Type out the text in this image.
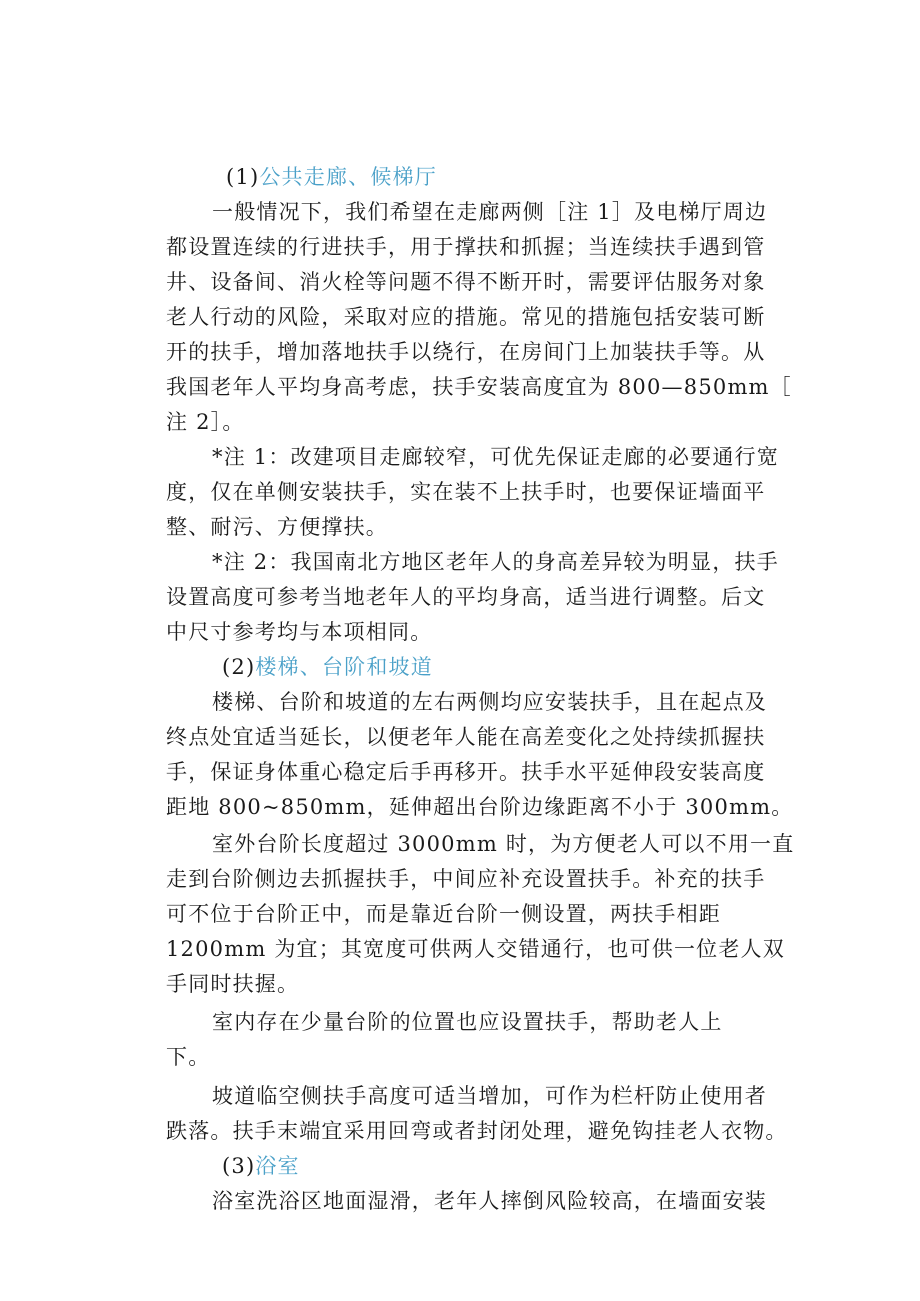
(1)公共走廊、候梯厅
一般情况下，我们希望在走廊两侧［注 1］及电梯厅周边
都设置连续的行进扶手，用于撑扶和抓握；当连续扶手遇到管
井、设备间、消火栓等问题不得不断开时，需要评估服务对象
老人行动的风险，采取对应的措施。常见的措施包括安装可断
开的扶手，增加落地扶手以绕行，在房间门上加装扶手等。从
我国老年人平均身高考虑，扶手安装高度宜为 800—850mm［
注 2］。
*注 1：改建项目走廊较窄，可优先保证走廊的必要通行宽
度，仅在单侧安装扶手，实在装不上扶手时，也要保证墙面平
整、耐污、方便撑扶。
*注 2：我国南北方地区老年人的身高差异较为明显，扶手
设置高度可参考当地老年人的平均身高，适当进行调整。后文
中尺寸参考均与本项相同。
(2)楼梯、台阶和坡道
楼梯、台阶和坡道的左右两侧均应安装扶手，且在起点及
终点处宜适当延长，以便老年人能在高差变化之处持续抓握扶
手，保证身体重心稳定后手再移开。扶手水平延伸段安装高度
距地 800~850mm，延伸超出台阶边缘距离不小于 300mm。
室外台阶长度超过 3000mm 时，为方便老人可以不用一直
走到台阶侧边去抓握扶手，中间应补充设置扶手。补充的扶手
可不位于台阶正中，而是靠近台阶一侧设置，两扶手相距
1200mm 为宜；其宽度可供两人交错通行，也可供一位老人双
手同时扶握。
室内存在少量台阶的位置也应设置扶手，帮助老人上
下。
坡道临空侧扶手高度可适当增加，可作为栏杆防止使用者
跌落。扶手末端宜采用回弯或者封闭处理，避免钩挂老人衣物。
(3)浴室
浴室洗浴区地面湿滑，老年人摔倒风险较高，在墙面安装
